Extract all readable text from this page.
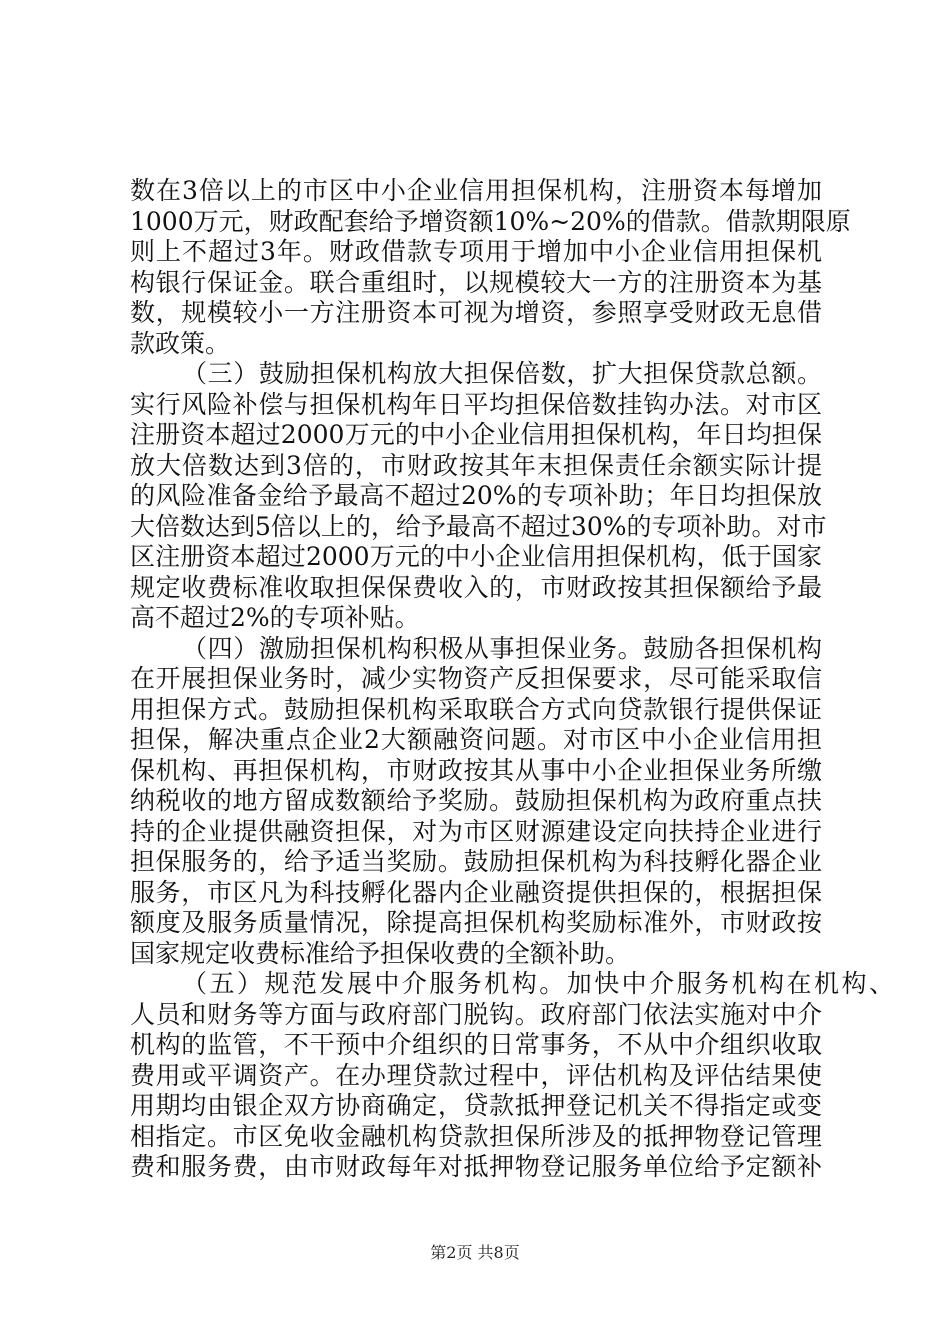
数在3倍以上的市区中小企业信用担保机构，注册资本每增加
1000万元，财政配套给予增资额10%~20%的借款。借款期限原
则上不超过3年。财政借款专项用于增加中小企业信用担保机
构银行保证金。联合重组时，以规模较大一方的注册资本为基
数，规模较小一方注册资本可视为增资，参照享受财政无息借
款政策。
（三）鼓励担保机构放大担保倍数，扩大担保贷款总额。
实行风险补偿与担保机构年日平均担保倍数挂钩办法。对市区
注册资本超过2000万元的中小企业信用担保机构，年日均担保
放大倍数达到3倍的，市财政按其年末担保责任余额实际计提
的风险准备金给予最高不超过20%的专项补助；年日均担保放
大倍数达到5倍以上的，给予最高不超过30%的专项补助。对市
区注册资本超过2000万元的中小企业信用担保机构，低于国家
规定收费标准收取担保保费收入的，市财政按其担保额给予最
高不超过2%的专项补贴。
（四）激励担保机构积极从事担保业务。鼓励各担保机构
在开展担保业务时，减少实物资产反担保要求，尽可能采取信
用担保方式。鼓励担保机构采取联合方式向贷款银行提供保证
担保，解决重点企业2大额融资问题。对市区中小企业信用担
保机构、再担保机构，市财政按其从事中小企业担保业务所缴
纳税收的地方留成数额给予奖励。鼓励担保机构为政府重点扶
持的企业提供融资担保，对为市区财源建设定向扶持企业进行
担保服务的，给予适当奖励。鼓励担保机构为科技孵化器企业
服务，市区凡为科技孵化器内企业融资提供担保的，根据担保
额度及服务质量情况，除提高担保机构奖励标准外，市财政按
国家规定收费标准给予担保收费的全额补助。
（五）规范发展中介服务机构。加快中介服务机构在机构、
人员和财务等方面与政府部门脱钩。政府部门依法实施对中介
机构的监管，不干预中介组织的日常事务，不从中介组织收取
费用或平调资产。在办理贷款过程中，评估机构及评估结果使
用期均由银企双方协商确定，贷款抵押登记机关不得指定或变
相指定。市区免收金融机构贷款担保所涉及的抵押物登记管理
费和服务费，由市财政每年对抵押物登记服务单位给予定额补
第2页 共8页
